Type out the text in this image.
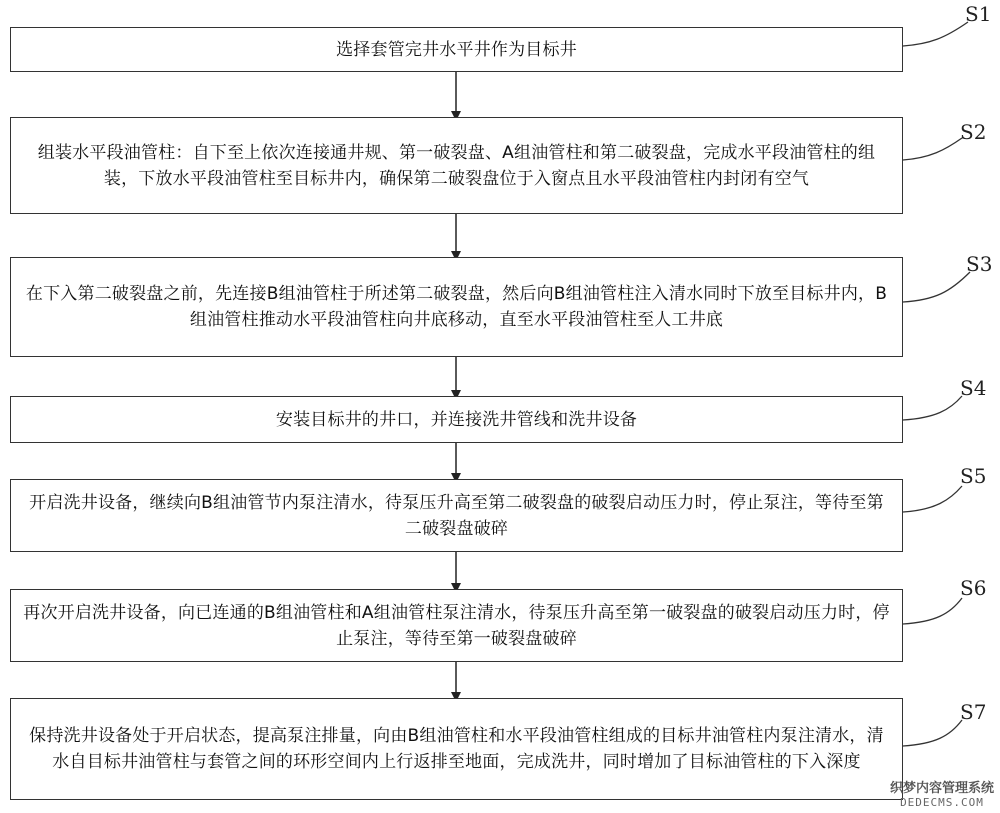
选择套管完井水平井作为目标井
组装水平段油管柱：自下至上依次连接通井规、第一破裂盘、A组油管柱和第二破裂盘，完成水平段油管柱的组装，下放水平段油管柱至目标井内，确保第二破裂盘位于入窗点且水平段油管柱内封闭有空气
在下入第二破裂盘之前，先连接B组油管柱于所述第二破裂盘，然后向B组油管柱注入清水同时下放至目标井内，B组油管柱推动水平段油管柱向井底移动，直至水平段油管柱至人工井底
安装目标井的井口，并连接洗井管线和洗井设备
开启洗井设备，继续向B组油管节内泵注清水，待泵压升高至第二破裂盘的破裂启动压力时，停止泵注，等待至第二破裂盘破碎
再次开启洗井设备，向已连通的B组油管柱和A组油管柱泵注清水，待泵压升高至第一破裂盘的破裂启动压力时，停止泵注，等待至第一破裂盘破碎
保持洗井设备处于开启状态，提高泵注排量，向由B组油管柱和水平段油管柱组成的目标井油管柱内泵注清水，清水自目标井油管柱与套管之间的环形空间内上行返排至地面，完成洗井，同时增加了目标油管柱的下入深度
S1
S2
S3
S4
S5
S6
S7
织梦内容管理系统
DEDECMS.COM
